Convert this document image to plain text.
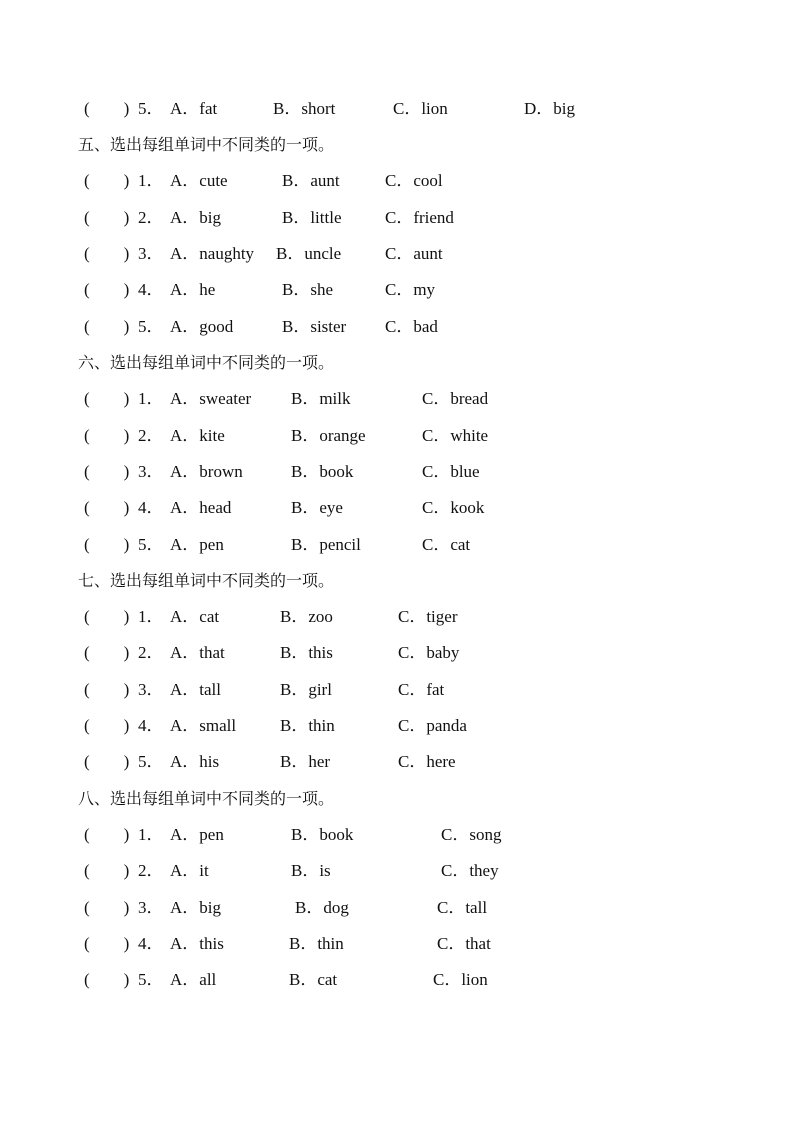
(　　) 5． A．fat	B．short	C．lion	D．big
五、选出每组单词中不同类的一项。
(　　) 1． A．cute	B．aunt	C．cool
(　　) 2． A．big	B．little	C．friend
(　　) 3． A．naughty B．uncle	C．aunt
(　　) 4． A．he	B．she	C．my
(　　) 5． A．good	B．sister C．bad
六、选出每组单词中不同类的一项。
(　　) 1． A．sweater B．milk	C．bread
(　　) 2． A．kite	B．orange	C．white
(　　) 3． A．brown	B．book	C．blue
(　　) 4． A．head	B．eye	C．kook
(　　) 5． A．pen	B．pencil	C．cat
七、选出每组单词中不同类的一项。
(　　) 1． A．cat	B．zoo	C．tiger
(　　) 2． A．that	B．this	C．baby
(　　) 3． A．tall	B．girl	C．fat
(　　) 4． A．small	B．thin	C．panda
(　　) 5． A．his	B．her	C．here
八、选出每组单词中不同类的一项。
(　　) 1． A．pen	B．book	C．song
(　　) 2． A．it	B．is	C．they
(　　) 3． A．big	B．dog	C．tall
(　　) 4． A．this	B．thin	C．that
(　　) 5． A．all	B．cat	C．lion
